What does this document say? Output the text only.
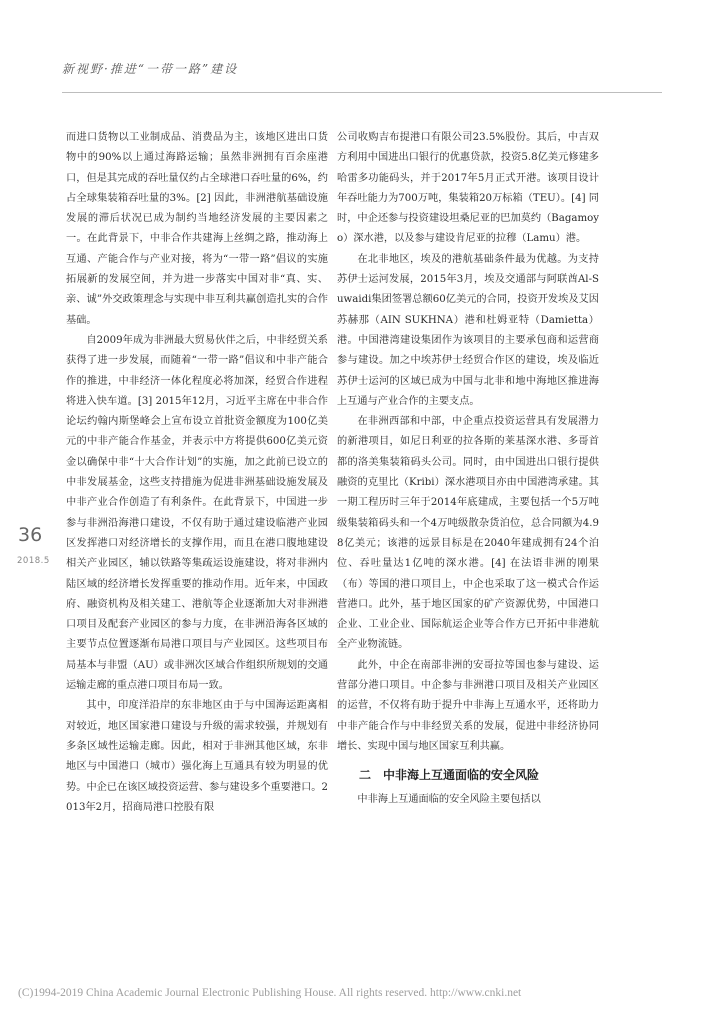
新视野·推进“一带一路”建设

而进口货物以工业制成品、消费品为主，该地区进出口货物中的90%以上通过海路运输；虽然非洲拥有百余座港口，但是其完成的吞吐量仅约占全球港口吞吐量的6%，约占全球集装箱吞吐量的3%。[2] 因此，非洲港航基础设施发展的滞后状况已成为制约当地经济发展的主要因素之一。在此背景下，中非合作共建海上丝绸之路，推动海上互通、产能合作与产业对接，将为“一带一路”倡议的实施拓展新的发展空间，并为进一步落实中国对非“真、实、亲、诚”外交政策理念与实现中非互利共赢创造扎实的合作基础。

自2009年成为非洲最大贸易伙伴之后，中非经贸关系获得了进一步发展，而随着“一带一路”倡议和中非产能合作的推进，中非经济一体化程度必将加深，经贸合作进程将进入快车道。[3] 2015年12月，习近平主席在中非合作论坛约翰内斯堡峰会上宣布设立首批资金额度为100亿美元的中非产能合作基金，并表示中方将提供600亿美元资金以确保中非“十大合作计划”的实施，加之此前已设立的中非发展基金，这些支持措施为促进非洲基础设施发展及中非产业合作创造了有利条件。在此背景下，中国进一步参与非洲沿海港口建设，不仅有助于通过建设临港产业园区发挥港口对经济增长的支撑作用，而且在港口腹地建设相关产业园区，辅以铁路等集疏运设施建设，将对非洲内陆区域的经济增长发挥重要的推动作用。近年来，中国政府、融资机构及相关建工、港航等企业逐渐加大对非洲港口项目及配套产业园区的参与力度，在非洲沿海各区域的主要节点位置逐渐布局港口项目与产业园区。这些项目布局基本与非盟（AU）或非洲次区域合作组织所规划的交通运输走廊的重点港口项目布局一致。

其中，印度洋沿岸的东非地区由于与中国海运距离相对较近，地区国家港口建设与升级的需求较强，并规划有多条区域性运输走廊。因此，相对于非洲其他区域，东非地区与中国港口（城市）强化海上互通具有较为明显的优势。中企已在该区域投资运营、参与建设多个重要港口。2013年2月，招商局港口控股有限

公司收购吉布提港口有限公司23.5%股份。其后，中吉双方利用中国进出口银行的优惠贷款，投资5.8亿美元修建多哈雷多功能码头，并于2017年5月正式开港。该项目设计年吞吐能力为700万吨，集装箱20万标箱（TEU）。[4] 同时，中企还参与投资建设坦桑尼亚的巴加莫约（Bagamoyo）深水港，以及参与建设肯尼亚的拉穆（Lamu）港。

在北非地区，埃及的港航基础条件最为优越。为支持苏伊士运河发展，2015年3月，埃及交通部与阿联酋Al-Suwaidi集团签署总额60亿美元的合同，投资开发埃及艾因苏赫那（AIN SUKHNA）港和杜姆亚特（Damietta）港。中国港湾建设集团作为该项目的主要承包商和运营商参与建设。加之中埃苏伊士经贸合作区的建设，埃及临近苏伊士运河的区域已成为中国与北非和地中海地区推进海上互通与产业合作的主要支点。

在非洲西部和中部，中企重点投资运营具有发展潜力的新港项目，如尼日利亚的拉各斯的莱基深水港、多哥首都的洛美集装箱码头公司。同时，由中国进出口银行提供融资的克里比（Kribi）深水港项目亦由中国港湾承建。其一期工程历时三年于2014年底建成，主要包括一个5万吨级集装箱码头和一个4万吨级散杂货泊位，总合同额为4.98亿美元；该港的远景目标是在2040年建成拥有24个泊位、吞吐量达1亿吨的深水港。[4] 在法语非洲的刚果（布）等国的港口项目上，中企也采取了这一模式合作运营港口。此外，基于地区国家的矿产资源优势，中国港口企业、工业企业、国际航运企业等合作方已开拓中非港航全产业物流链。

此外，中企在南部非洲的安哥拉等国也参与建设、运营部分港口项目。中企参与非洲港口项目及相关产业园区的运营，不仅将有助于提升中非海上互通水平，还将助力中非产能合作与中非经贸关系的发展，促进中非经济协同增长、实现中国与地区国家互利共赢。

二　中非海上互通面临的安全风险

中非海上互通面临的安全风险主要包括以

36
2018.5
(C)1994-2019 China Academic Journal Electronic Publishing House. All rights reserved. http://www.cnki.net
